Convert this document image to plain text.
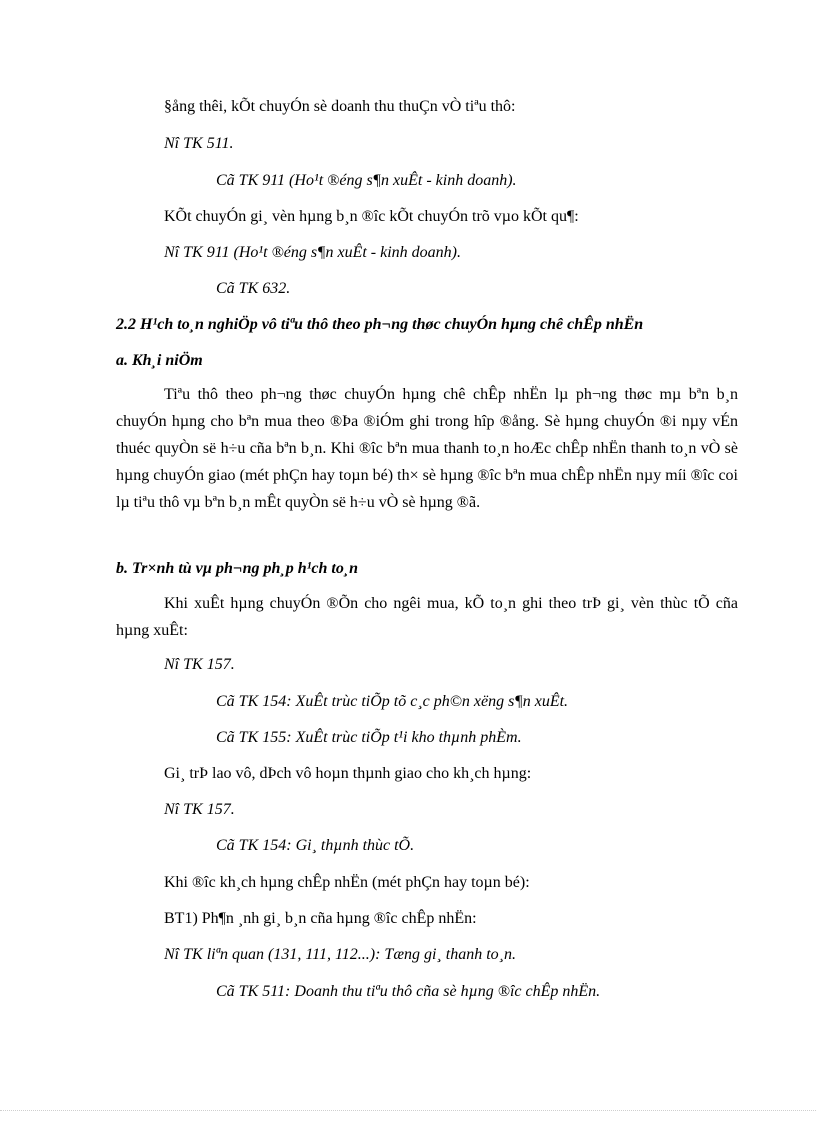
§ång thêi, kÕt chuyÓn sè doanh thu thuÇn vÒ tiªu thô:
Nî TK 511.
Cã TK 911 (Ho¹t ®éng s¶n xuÊt - kinh doanh).
KÕt chuyÓn gi¸ vèn hµng b¸n ®îc kÕt chuyÓn trõ vµo kÕt qu¶:
Nî TK 911 (Ho¹t ®éng s¶n xuÊt - kinh doanh).
Cã TK 632.
2.2 H¹ch to¸n nghiÖp vô tiªu thô theo ph¬ng thøc chuyÓn hµng chê chÊp nhËn
a. Kh¸i niÖm
Tiªu thô theo ph¬ng thøc chuyÓn hµng chê chÊp nhËn lµ ph¬ng thøc mµ bªn b¸n chuyÓn hµng cho bªn mua theo ®Þa ®iÓm ghi trong hîp ®ång. Sè hµng chuyÓn ®i nµy vÉn thuéc quyÒn së h÷u cña bªn b¸n. Khi ®îc bªn mua thanh to¸n hoÆc chÊp nhËn thanh to¸n vÒ sè hµng chuyÓn giao (mét phÇn hay toµn bé) th× sè hµng ®îc bªn mua chÊp nhËn nµy míi ®îc coi lµ tiªu thô vµ bªn b¸n mÊt quyÒn së h÷u vÒ sè hµng ®ã.
b. Tr×nh tù vµ ph¬ng ph¸p h¹ch to¸n
Khi xuÊt hµng chuyÓn ®Õn cho ngêi mua, kÕ to¸n ghi theo trÞ gi¸ vèn thùc tÕ cña hµng xuÊt:
Nî TK 157.
Cã TK 154: XuÊt trùc tiÕp tõ c¸c ph©n xëng s¶n xuÊt.
Cã TK 155: XuÊt trùc tiÕp t¹i kho thµnh phÈm.
Gi¸ trÞ lao vô, dÞch vô hoµn thµnh giao cho kh¸ch hµng:
Nî TK 157.
Cã TK 154: Gi¸ thµnh thùc tÕ.
Khi ®îc kh¸ch hµng chÊp nhËn (mét phÇn hay toµn bé):
BT1) Ph¶n ¸nh gi¸ b¸n cña hµng ®îc chÊp nhËn:
Nî TK liªn quan (131, 111, 112...): Tæng gi¸ thanh to¸n.
Cã TK 511: Doanh thu tiªu thô cña sè hµng ®îc chÊp nhËn.
